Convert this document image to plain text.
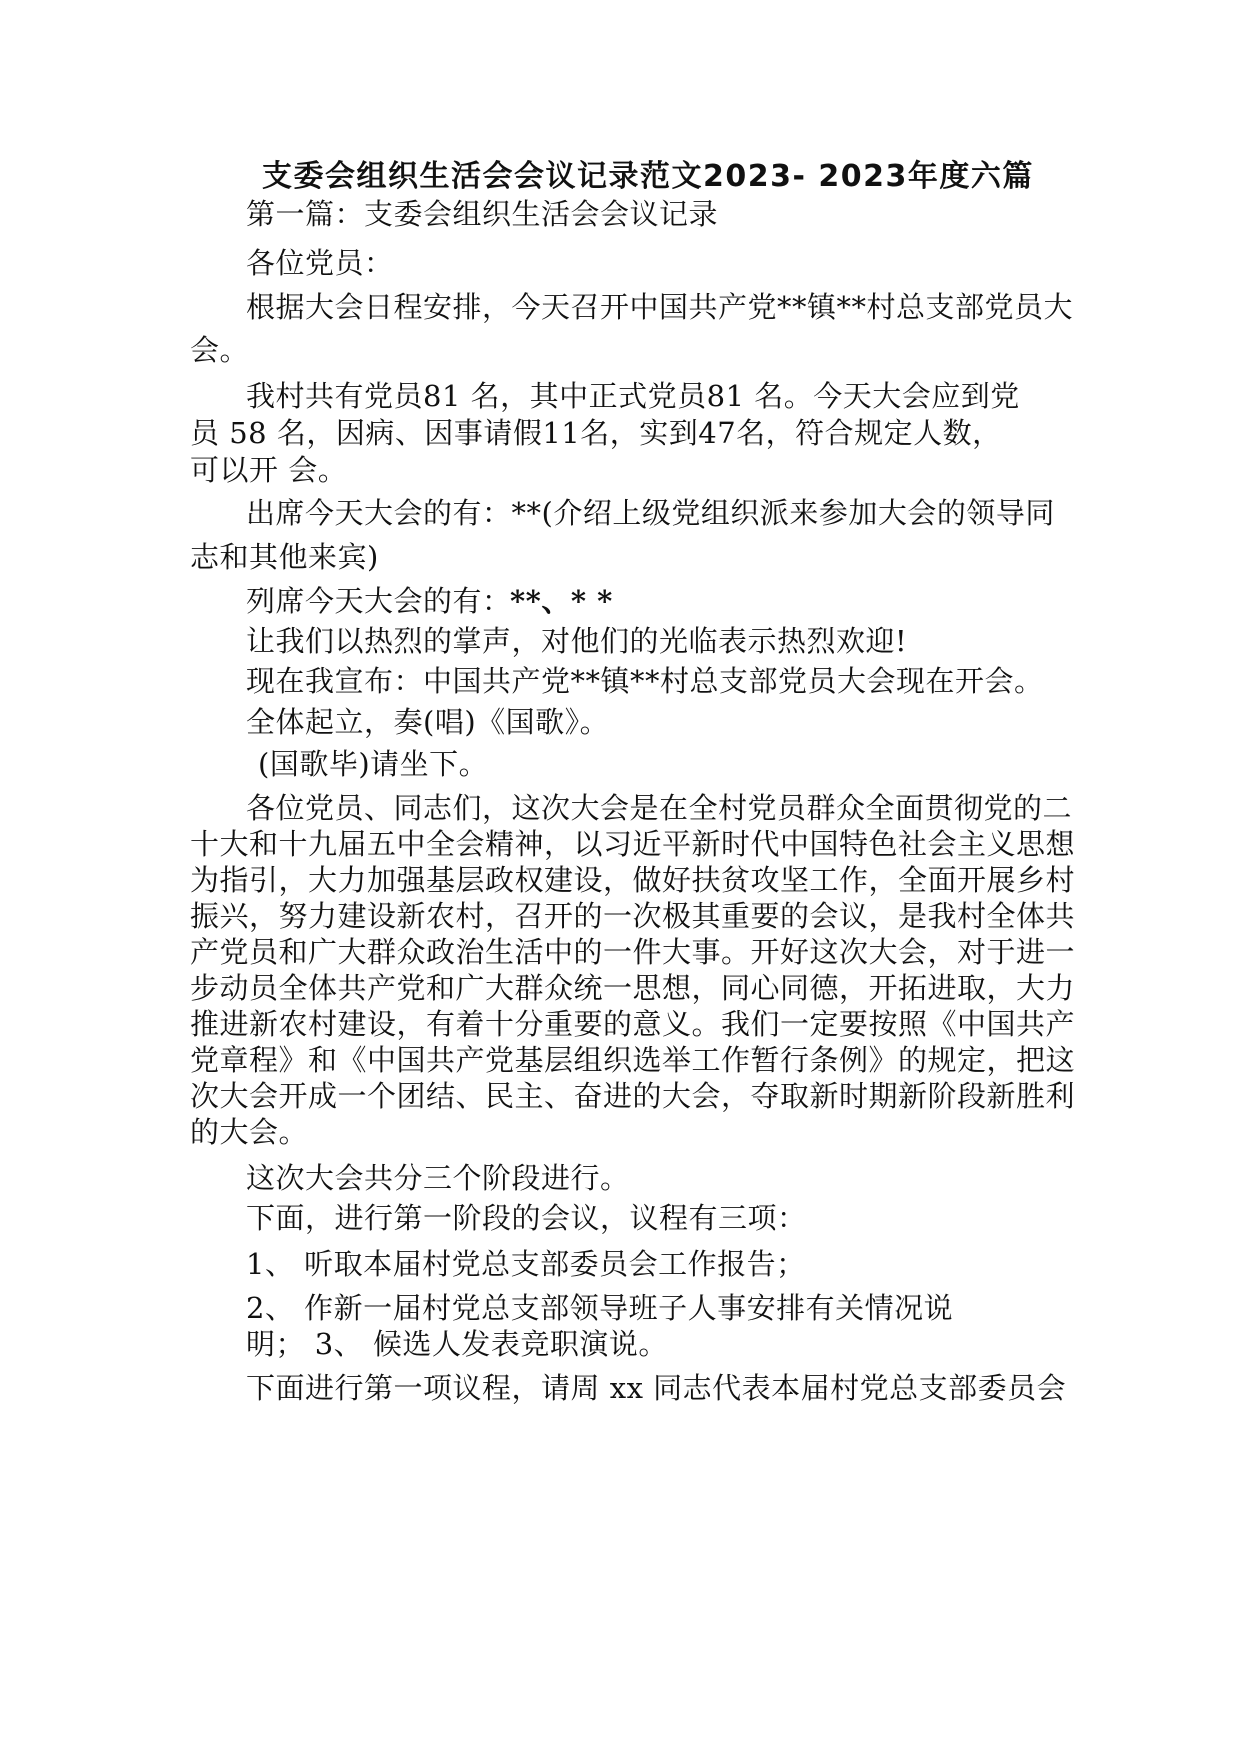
支委会组织生活会会议记录范文2023- 2023年度六篇
第一篇：支委会组织生活会会议记录
各位党员：
根据大会日程安排，今天召开中国共产党**镇**村总支部党员大
会。
我村共有党员81 名，其中正式党员81 名。今天大会应到党
员 58 名，因病、因事请假11名，实到47名，符合规定人数，
可以开 会。
出席今天大会的有：**(介绍上级党组织派来参加大会的领导同
志和其他来宾)
列席今天大会的有：
**、* *
让我们以热烈的掌声，对他们的光临表示热烈欢迎!
现在我宣布：中国共产党**镇**村总支部党员大会现在开会。
全体起立，奏(唱)《国歌》。
(国歌毕)请坐下。
各位党员、同志们，这次大会是在全村党员群众全面贯彻党的二
十大和十九届五中全会精神，以习近平新时代中国特色社会主义思想
为指引，大力加强基层政权建设，做好扶贫攻坚工作，全面开展乡村
振兴，努力建设新农村，召开的一次极其重要的会议，是我村全体共
产党员和广大群众政治生活中的一件大事。开好这次大会，对于进一
步动员全体共产党和广大群众统一思想，同心同德，开拓进取，大力
推进新农村建设，有着十分重要的意义。我们一定要按照《中国共产
党章程》和《中国共产党基层组织选举工作暂行条例》的规定，把这
次大会开成一个团结、民主、奋进的大会，夺取新时期新阶段新胜利
的大会。
这次大会共分三个阶段进行。
下面，进行第一阶段的会议，议程有三项：
1、 听取本届村党总支部委员会工作报告；
2、 作新一届村党总支部领导班子人事安排有关情况说
明； 3、 候选人发表竞职演说。
下面进行第一项议程，请周 xx 同志代表本届村党总支部委员会
